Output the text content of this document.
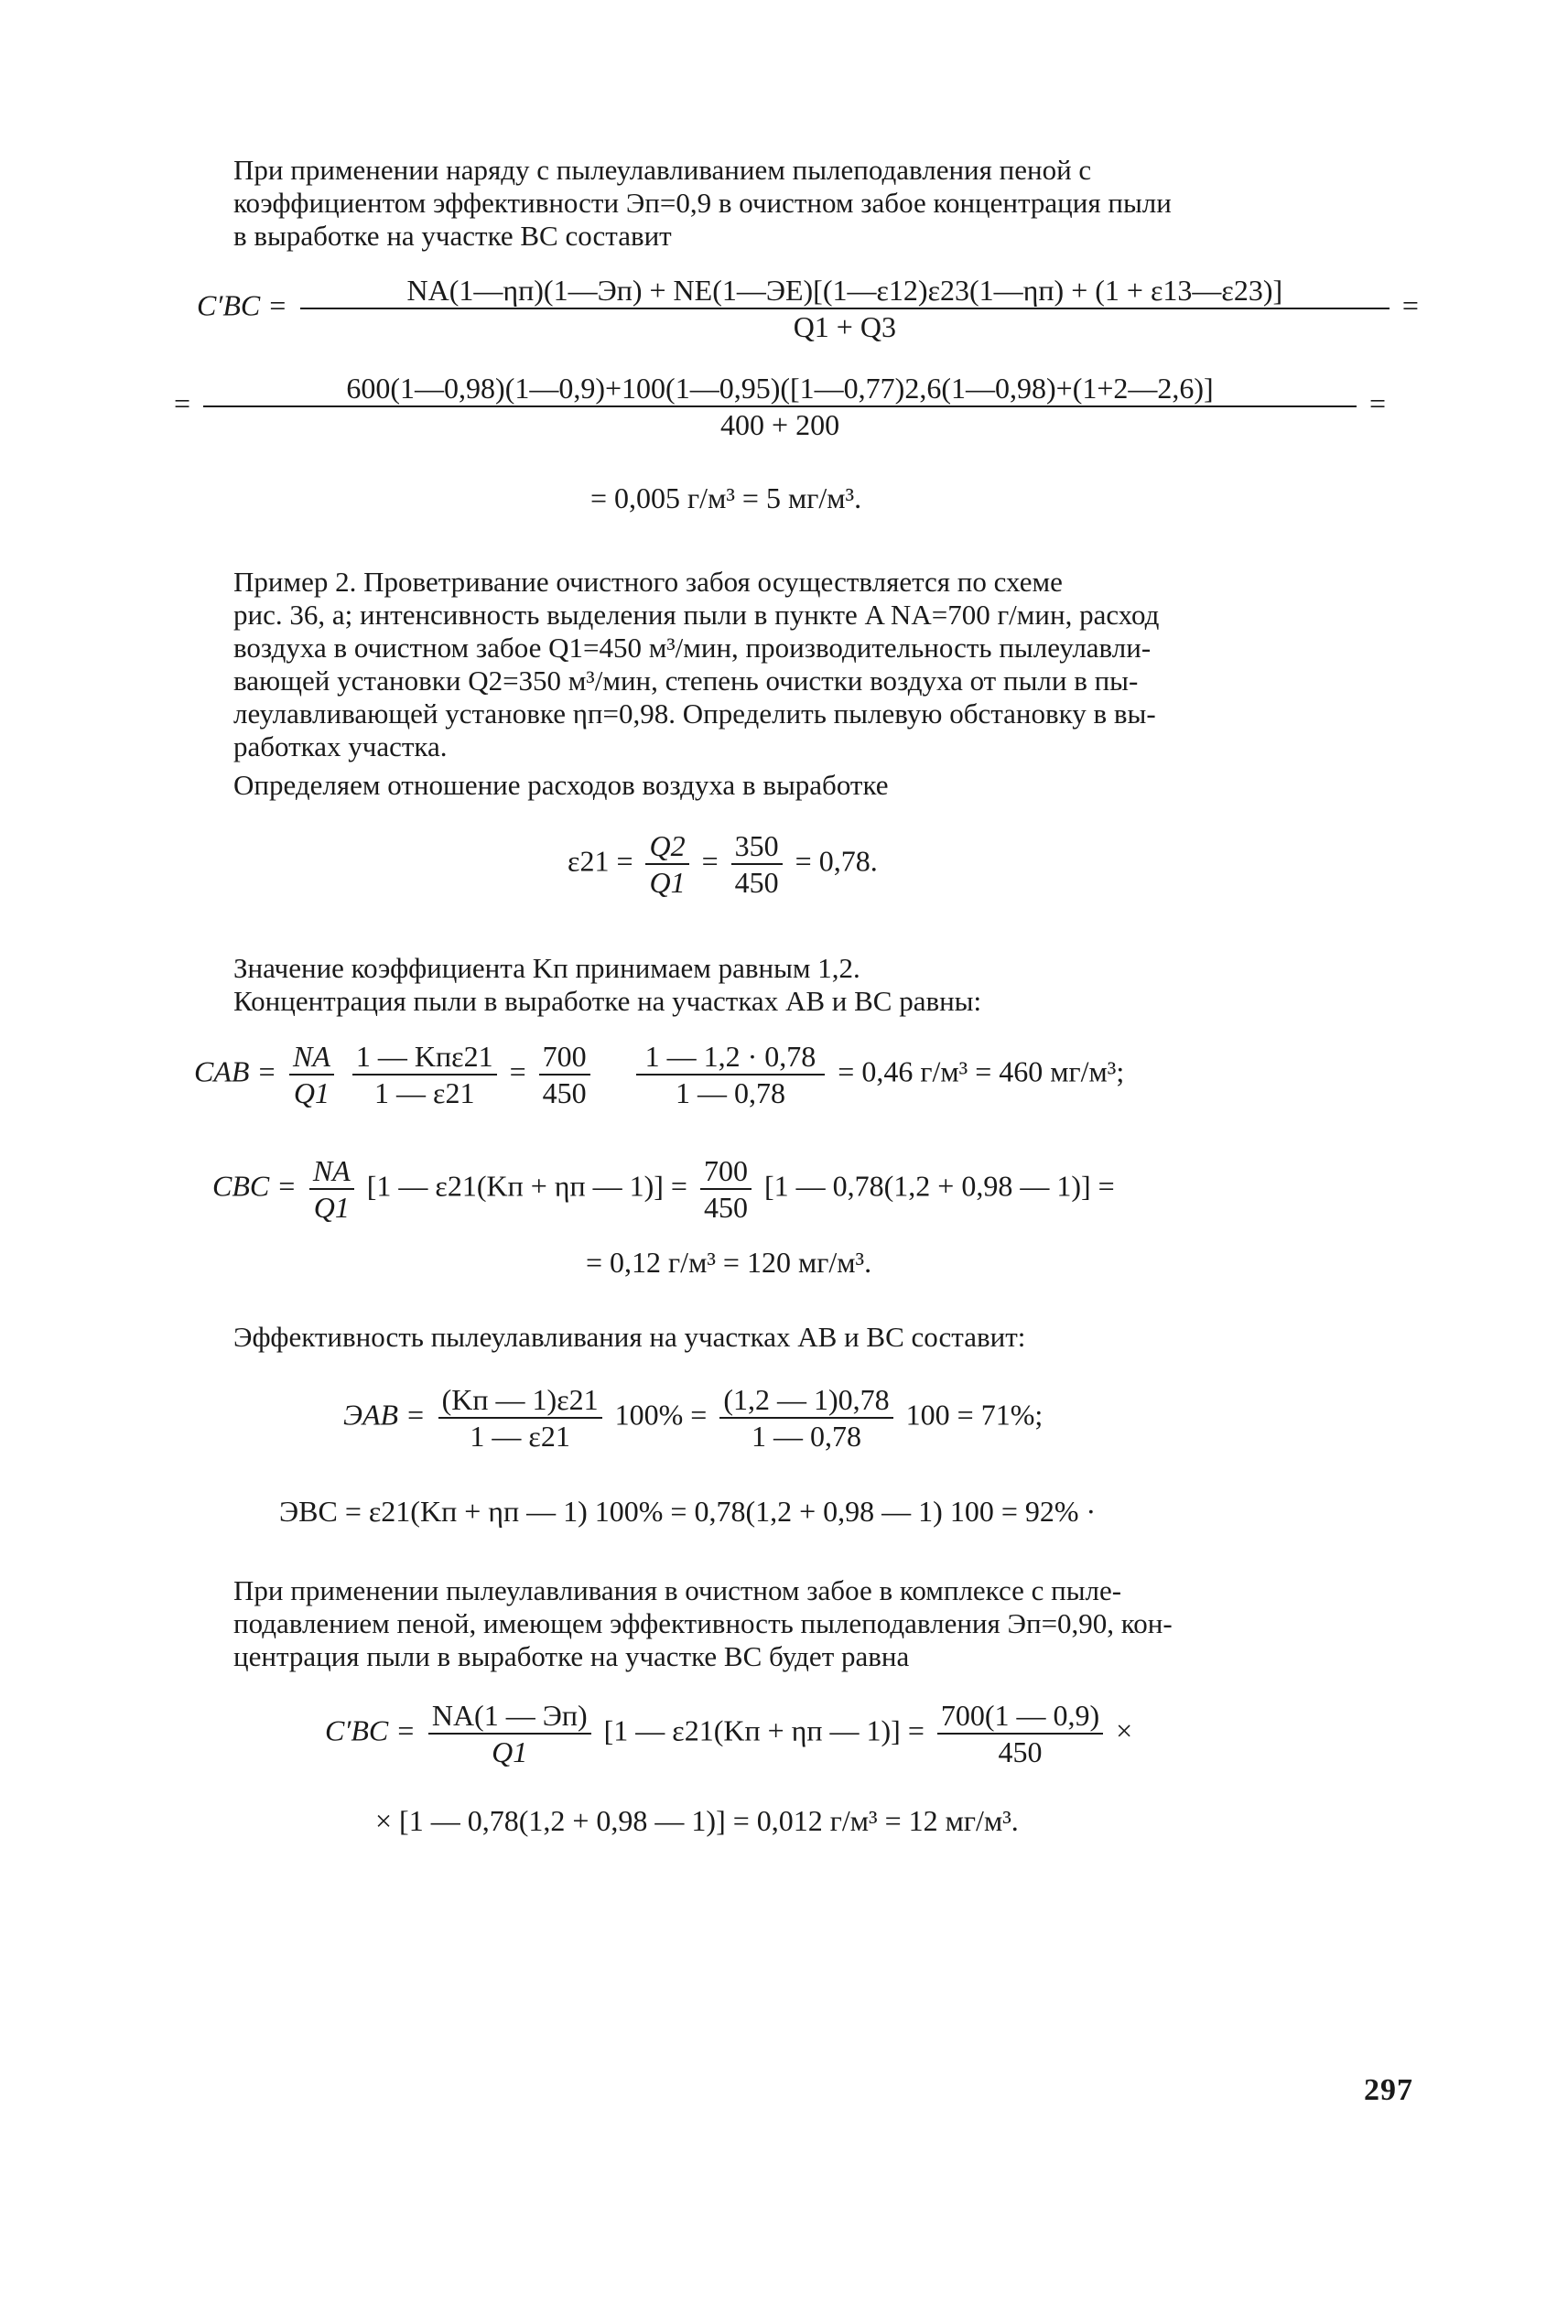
При применении наряду с пылеулавливанием пылеподавления пеной с
коэффициентом эффективности Эп=0,9 в очистном забое концентрация пыли
в выработке на участке BC составит

$C'BC = \frac{NA(1—\eta п)(1—Эп) + NE(1—ЭE)[(1—\varepsilon 12)\varepsilon 23(1—\eta п) + (1 + \varepsilon 13—\varepsilon 23)]}{Q1 + Q3}$ =
=	600(1—0,98)(1—0,9)+100(1—0,95)([1—0,77)2,6(1—0,98)+(1+2—2,6)]
400 + 200
=
= 0,005 г/м³ = 5 мг/м³.

Пример 2. Проветривание очистного забоя осуществляется по схеме
рис. 36, а; интенсивность выделения пыли в пункте A NA=700 г/мин, расход
воздуха в очистном забое Q1=450 м³/мин, производительность пылеулавли-
вающей установки Q2=350 м³/мин, степень очистки воздуха от пыли в пы-
леулавливающей установке ηп=0,98. Определить пылевую обстановку в вы-
работках участка.

Определяем отношение расходов воздуха в выработке

$\varepsilon 21 = \frac{Q2}{Q1} = \frac{350}{450} = 0,78$.

Значение коэффициента Kп принимаем равным 1,2.
Концентрация пыли в выработке на участках AB и BC равны:

CAB = $\frac{NA}{Q1}$
$\frac{\text{1 — Kпε21}}{1 — \varepsilon 21} = \frac{700}{450}$
$\frac{1 — 1,2 \cdot 0,78}{1 — 0,78} = 0,46$ г/м³ = 460 мг/м³;
CBC = $\frac{NA}{Q1} [1$ — ε21(Kп + ηп — $1)] = \frac{700}{450} [1$ — 0,78(1,2 + 0,98 — 1)] =
= 0,12 г/м³ = 120 мг/м³.

Эффективность пылеулавливания на участках AB и BC составит:

ЭAB = $\frac{(Kп — 1)\varepsilon 21}{1 — \varepsilon 21} 100\% = \frac{(1,2 — 1)0,78}{1 — 0,78} 100 = 71\%$;
ЭBC = ε21(Kп + ηп — 1) 100% = 0,78(1,2 + 0,98 — 1) 100 = 92% ·

При применении пылеулавливания в очистном забое в комплексе с пыле-
подавлением пеной, имеющем эффективность пылеподавления Эп=0,90, кон-
центрация пыли в выработке на участке BC будет равна

$C'BC = \frac{NA(1 — Эп)}{Q1} [1$ — ε21(Kп + ηп — $1)] = \frac{700(1 — 0,9)}{450}$ ×
× [1 — 0,78(1,2 + 0,98 — 1)] = 0,012 г/м³ = 12 мг/м³.
297
